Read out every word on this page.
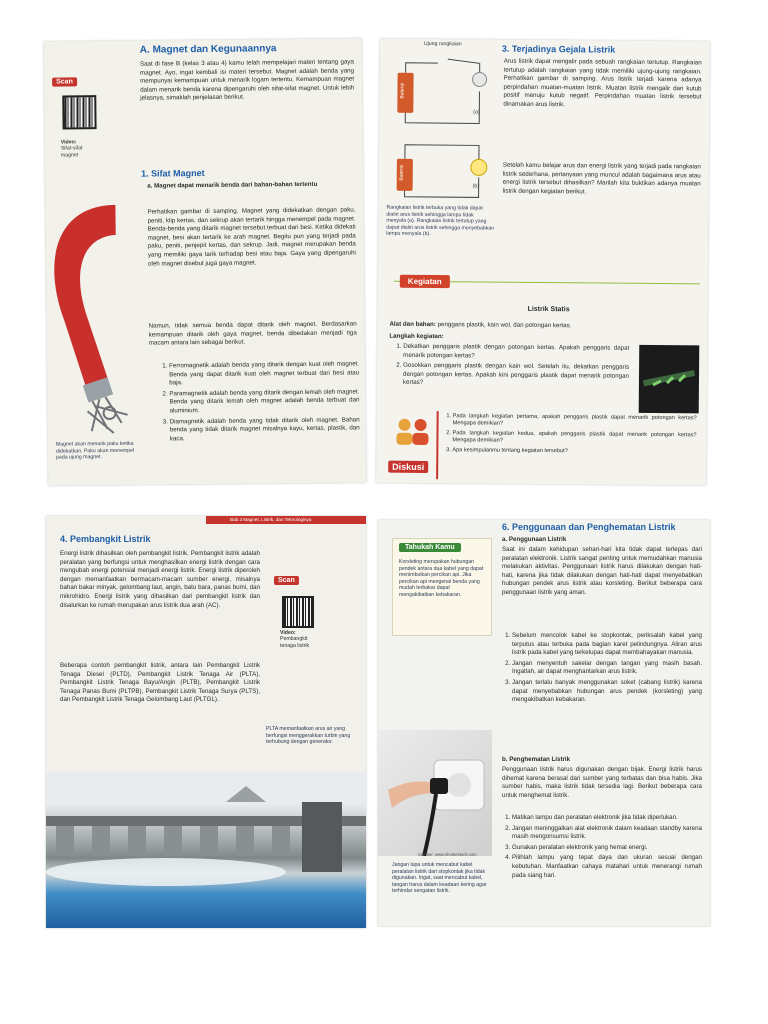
A. Magnet dan Kegunaannya
Saat di fase B (kelas 3 atau 4) kamu telah mempelajari materi tentang gaya magnet. Ayo, ingat kembali isi materi tersebut. Magnet adalah benda yang mempunyai kemampuan untuk menarik logam tertentu. Kemampuan magnet dalam menarik benda karena dipengaruhi oleh sifat-sifat magnet. Untuk lebih jelasnya, simaklah penjelasan berikut.
Scan
Video:
Sifat-sifat magnet
1. Sifat Magnet
a. Magnet dapat menarik benda dari bahan-bahan tertentu
Perhatikan gambar di samping. Magnet yang didekatkan dengan paku, peniti, klip kertas, dan sekrup akan tertarik hingga menempel pada magnet. Benda-benda yang ditarik magnet tersebut terbuat dari besi. Ketika didekati magnet, besi akan tertarik ke arah magnet. Begitu pun yang terjadi pada paku, peniti, penjepit kertas, dan sekrup. Jadi, magnet merupakan benda yang memiliki gaya tarik terhadap besi atau baja. Gaya yang dipengaruhi oleh magnet disebut juga gaya magnet.
Namun, tidak semua benda dapat ditarik oleh magnet. Berdasarkan kemampuan ditarik oleh gaya magnet, benda dibedakan menjadi tiga macam antara lain sebagai berikut.
1. Ferromagnetik adalah benda yang ditarik dengan kuat oleh magnet. Benda yang dapat ditarik kuat oleh magnet terbuat dari besi atau baja.
2. Paramagnetik adalah benda yang ditarik dengan lemah oleh magnet. Benda yang ditarik lemah oleh magnet adalah benda terbuat dari aluminium.
3. Diamagnetik adalah benda yang tidak ditarik oleh magnet. Bahan benda yang tidak ditarik magnet misalnya kayu, kertas, plastik, dan kaca.
Magnet akan menarik paku ketika didekatkan. Paku akan menempel pada ujung magnet.
Ujung rangkaian
Baterai
Baterai
(a)
(b)
Rangkaian listrik terbuka yang tidak dapat dialiri arus listrik sehingga lampu tidak menyala (a). Rangkaian listrik tertutup yang dapat dialiri arus listrik sehingga menyebabkan lampu menyala (b).
3. Terjadinya Gejala Listrik
Arus listrik dapat mengalir pada sebuah rangkaian tertutup. Rangkaian tertutup adalah rangkaian yang tidak memiliki ujung-ujung rangkaian. Perhatikan gambar di samping. Arus listrik terjadi karena adanya perpindahan muatan-muatan listrik. Muatan listrik mengalir dari kutub positif menuju kutub negatif. Perpindahan muatan listrik tersebut dinamakan arus listrik.
Setelah kamu belajar arus dan energi listrik yang terjadi pada rangkaian listrik sederhana, pertanyaan yang muncul adalah bagaimana arus atau energi listrik tersebut dihasilkan? Marilah kita buktikan adanya muatan listrik dengan kegiatan berikut.
Kegiatan
Listrik Statis
Alat dan bahan: penggaris plastik, kain wol, dan potongan kertas.
Langkah kegiatan:
1. Dekatkan penggaris plastik dengan potongan kertas. Apakah penggaris dapat menarik potongan kertas?
2. Gosokkan penggaris plastik dengan kain wol. Setelah itu, dekatkan penggaris dengan potongan kertas. Apakah kini penggaris plastik dapat menarik potongan kertas?
Diskusi
1. Pada langkah kegiatan pertama, apakah penggaris plastik dapat menarik potongan kertas? Mengapa demikian?
2. Pada langkah kegiatan kedua, apakah penggaris plastik dapat menarik potongan kertas? Mengapa demikian?
3. Apa kesimpulanmu tentang kegiatan tersebut?
Bab 3 Magnet, Listrik, dan Teknologinya
4. Pembangkit Listrik
Energi listrik dihasilkan oleh pembangkit listrik. Pembangkit listrik adalah peralatan yang berfungsi untuk menghasilkan energi listrik dengan cara mengubah energi potensial menjadi energi listrik. Energi listrik diperoleh dengan memanfaatkan bermacam-macam sumber energi, misalnya bahan bakar minyak, gelombang laut, angin, batu bara, panas bumi, dan mikrohidro. Energi listrik yang dihasilkan dari pembangkit listrik dan disalurkan ke rumah merupakan arus listrik dua arah (AC).
Beberapa contoh pembangkit listrik, antara lain Pembangkit Listrik Tenaga Diesel (PLTD), Pembangkit Listrik Tenaga Air (PLTA), Pembangkit Listrik Tenaga Bayu/Angin (PLTB), Pembangkit Listrik Tenaga Panas Bumi (PLTPB), Pembangkit Listrik Tenaga Surya (PLTS), dan Pembangkit Listrik Tenaga Gelombang Laut (PLTGL).
Scan
Video:
Pembangkit tenaga listrik
PLTA memanfaatkan arus air yang berfungsi menggerakkan turbin yang terhubung dengan generator.
6. Penggunaan dan Penghematan Listrik
Tahukah Kamu
Korsleting merupakan hubungan pendek antara dua kabel yang dapat menimbulkan percikan api. Jika percikan api mengenai benda yang mudah terbakar dapat mengakibatkan kebakaran.
a. Penggunaan Listrik
Saat ini dalam kehidupan sehari-hari kita tidak dapat terlepas dari peralatan elektronik. Listrik sangat penting untuk memudahkan manusia melakukan aktivitas. Penggunaan listrik harus dilakukan dengan hati-hati, karena jika tidak dilakukan dengan hati-hati dapat menyebabkan hubungan pendek arus listrik atau korsleting. Berikut beberapa cara penggunaan listrik yang aman.
1. Sebelum mencolok kabel ke stopkontak, periksalah kabel yang terputus atau terbuka pada bagian karet pelindungnya. Aliran arus listrik pada kabel yang terkelupas dapat membahayakan manusia.
2. Jangan menyentuh sakelar dengan tangan yang masih basah. Ingatlah, air dapat menghantarkan arus listrik.
3. Jangan terlalu banyak menggunakan soket (cabang listrik) karena dapat menyebabkan hubungan arus pendek (korsleting) yang mengakibatkan kebakaran.
b. Penghematan Listrik
Penggunaan listrik harus digunakan dengan bijak. Energi listrik harus dihemat karena berasal dari sumber yang terbatas dan bisa habis. Jika sumber habis, maka listrik tidak tersedia lagi. Berikut beberapa cara untuk menghemat listrik.
1. Matikan lampu dan peralatan elektronik jika tidak diperlukan.
2. Jangan meninggalkan alat elektronik dalam keadaan standby karena masih mengonsumsi listrik.
3. Gunakan peralatan elektronik yang hemat energi.
4. Pilihlah lampu yang tepat daya dan ukuran sesuai dengan kebutuhan. Manfaatkan cahaya matahari untuk menerangi rumah pada siang hari.
Sumber: www.shutterstock.com
Jangan lupa untuk mencabut kabel peralatan listrik dari stopkontak jika tidak digunakan. Ingat, saat mencabut kabel, tangan harus dalam keadaan kering agar terhindar sengatan listrik.
